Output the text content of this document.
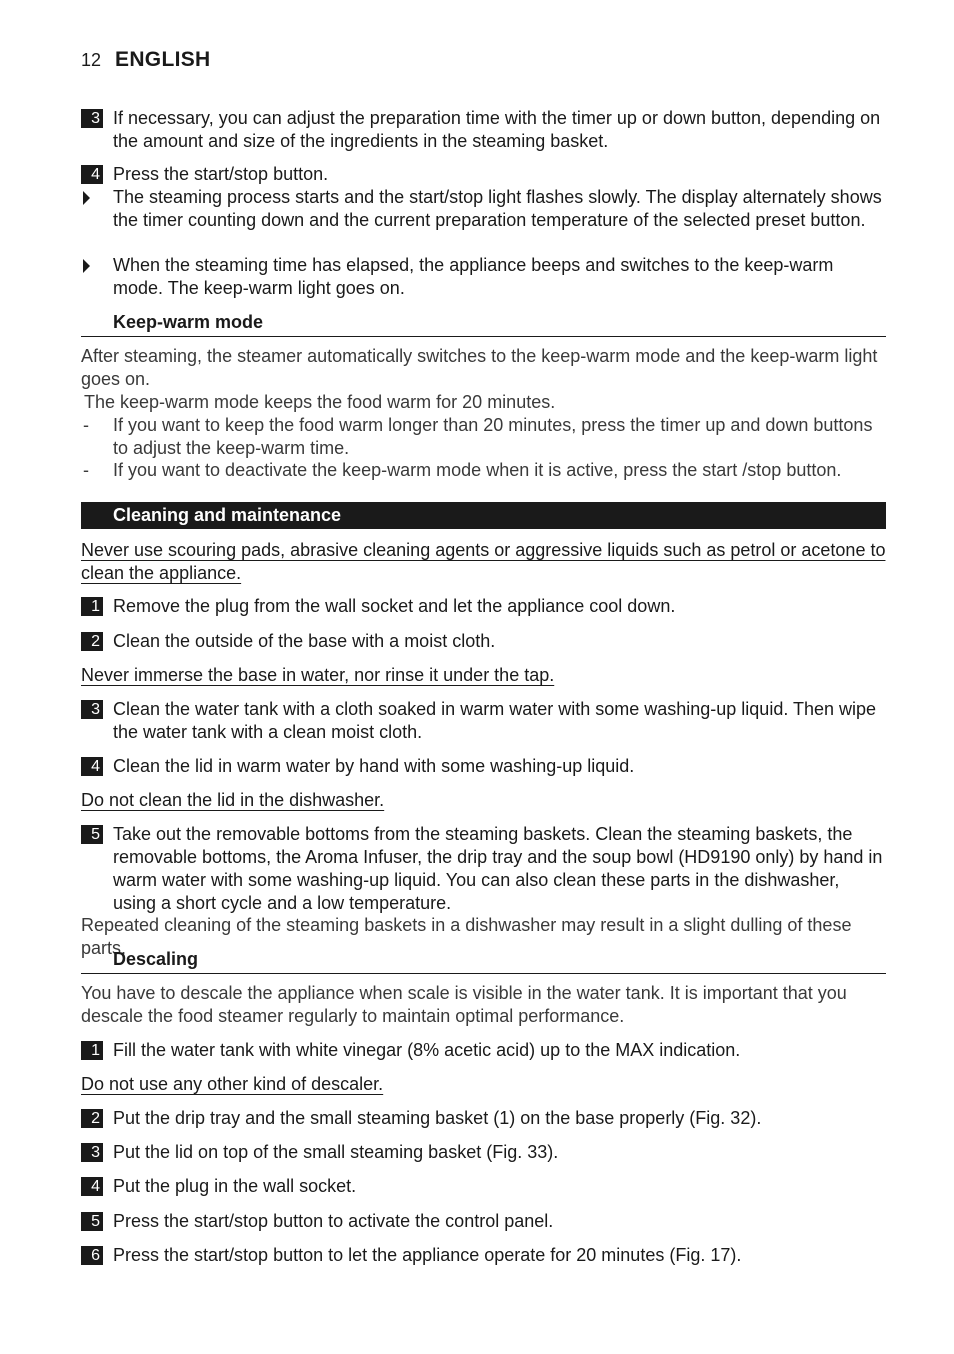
12 ENGLISH
3 If necessary, you can adjust the preparation time with the timer up or down button, depending on the amount and size of the ingredients in the steaming basket.
4 Press the start/stop button.
The steaming process starts and the start/stop light flashes slowly. The display alternately shows the timer counting down and the current preparation temperature of the selected preset button.
When the steaming time has elapsed, the appliance beeps and switches to the keep-warm mode. The keep-warm light goes on.
Keep-warm mode
After steaming, the steamer automatically switches to the keep-warm mode and the keep-warm light goes on.
The keep-warm mode keeps the food warm for 20 minutes.
-	If you want to keep the food warm longer than 20 minutes, press the timer up and down buttons to adjust the keep-warm time.
-	If you want to deactivate the keep-warm mode when it is active, press the start /stop button.
Cleaning and maintenance
Never use scouring pads, abrasive cleaning agents or aggressive liquids such as petrol or acetone to clean the appliance.
1 Remove the plug from the wall socket and let the appliance cool down.
2 Clean the outside of the base with a moist cloth.
Never immerse the base in water, nor rinse it under the tap.
3 Clean the water tank with a cloth soaked in warm water with some washing-up liquid. Then wipe the water tank with a clean moist cloth.
4 Clean the lid in warm water by hand with some washing-up liquid.
Do not clean the lid in the dishwasher.
5 Take out the removable bottoms from the steaming baskets. Clean the steaming baskets, the removable bottoms, the Aroma Infuser, the drip tray and the soup bowl (HD9190 only) by hand in warm water with some washing-up liquid. You can also clean these parts in the dishwasher, using a short cycle and a low temperature.
Repeated cleaning of the steaming baskets in a dishwasher may result in a slight dulling of these parts.
Descaling
You have to descale the appliance when scale is visible in the water tank. It is important that you descale the food steamer regularly to maintain optimal performance.
1 Fill the water tank with white vinegar (8% acetic acid) up to the MAX indication.
Do not use any other kind of descaler.
2 Put the drip tray and the small steaming basket (1) on the base properly (Fig. 32).
3 Put the lid on top of the small steaming basket (Fig. 33).
4 Put the plug in the wall socket.
5 Press the start/stop button to activate the control panel.
6 Press the start/stop button to let the appliance operate for 20 minutes (Fig. 17).
